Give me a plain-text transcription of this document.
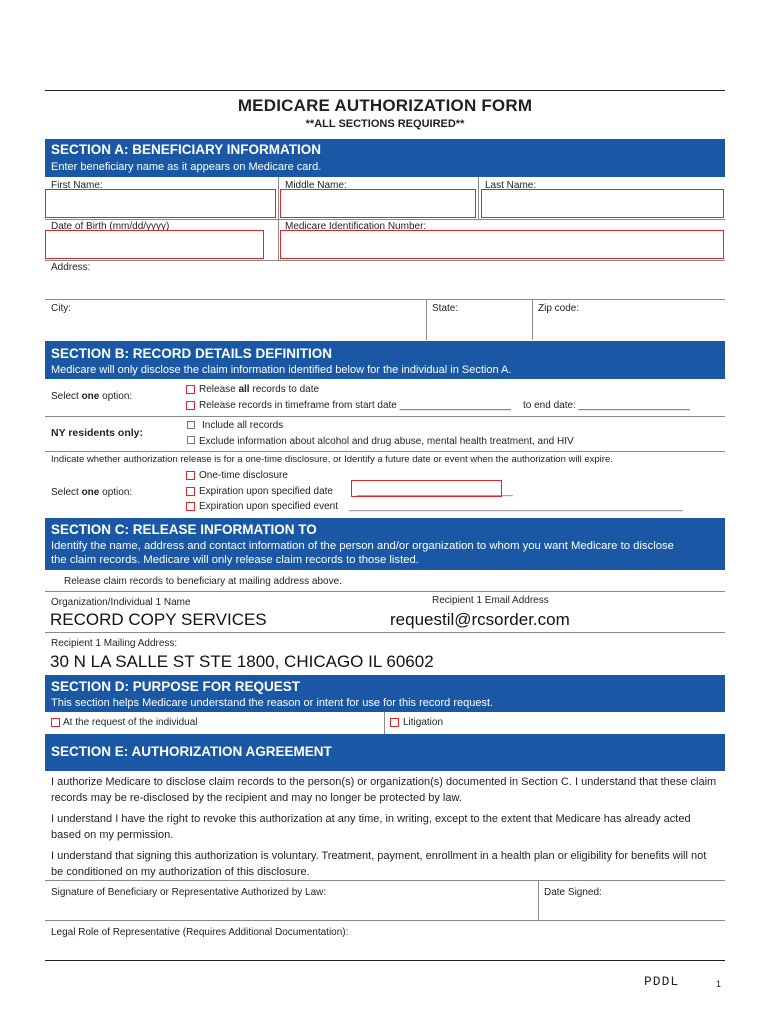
MEDICARE AUTHORIZATION FORM
**ALL SECTIONS REQUIRED**
SECTION A: BENEFICIARY INFORMATION
Enter beneficiary name as it appears on Medicare card.
First Name:	Middle Name:	Last Name:
Date of Birth (mm/dd/yyyy)	Medicare Identification Number:
Address:
City:	State:	Zip code:
SECTION B: RECORD DETAILS DEFINITION
Medicare will only disclose the claim information identified below for the individual in Section A.
Select one option:
Release all records to date
Release records in timeframe from start date ____________________ to end date: ____________________
NY residents only:
Include all records
Exclude information about alcohol and drug abuse, mental health treatment, and HIV
Indicate whether authorization release is for a one-time disclosure, or Identify a future date or event when the authorization will expire.
Select one option:
One-time disclosure
Expiration upon specified date ____________________________
Expiration upon specified event ____________________________________________________________
SECTION C: RELEASE INFORMATION TO
Identify the name, address and contact information of the person and/or organization to whom you want Medicare to disclose
the claim records. Medicare will only release claim records to those listed.
Release claim records to beneficiary at mailing address above.
Organization/Individual 1 Name	Recipient 1 Email Address
RECORD COPY SERVICES	requestil@rcsorder.com
Recipient 1 Mailing Address:
30 N LA SALLE ST STE 1800, CHICAGO IL 60602
SECTION D: PURPOSE FOR REQUEST
This section helps Medicare understand the reason or intent for use for this record request.
At the request of the individual	Litigation
SECTION E: AUTHORIZATION AGREEMENT
I authorize Medicare to disclose claim records to the person(s) or organization(s) documented in Section C. I understand that these claim records may be re-disclosed by the recipient and may no longer be protected by law.
I understand I have the right to revoke this authorization at any time, in writing, except to the extent that Medicare has already acted based on my permission.
I understand that signing this authorization is voluntary. Treatment, payment, enrollment in a health plan or eligibility for benefits will not be conditioned on my authorization of this disclosure.
Signature of Beneficiary or Representative Authorized by Law:	Date Signed:
Legal Role of Representative (Requires Additional Documentation):
PDDL	1
